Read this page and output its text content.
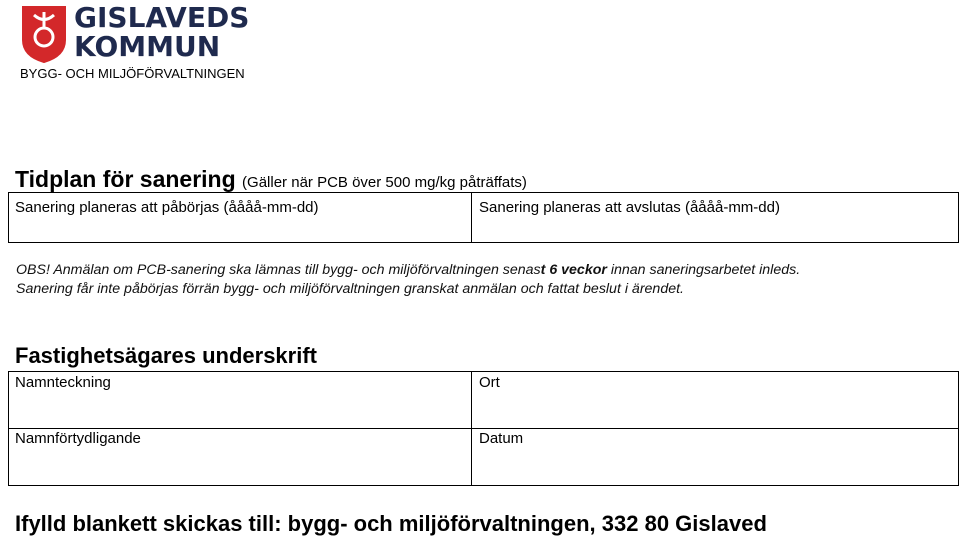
GISLAVEDS
KOMMUN
BYGG- OCH MILJÖFÖRVALTNINGEN
Tidplan för sanering (Gäller när PCB över 500 mg/kg påträffats)
Sanering planeras att påbörjas (åååå-mm-dd)	Sanering planeras att avslutas (åååå-mm-dd)
OBS! Anmälan om PCB-sanering ska lämnas till bygg- och miljöförvaltningen senast 6 veckor innan saneringsarbetet inleds.
Sanering får inte påbörjas förrän bygg- och miljöförvaltningen granskat anmälan och fattat beslut i ärendet.
Fastighetsägares underskrift
Namnteckning	Ort
Namnförtydligande	Datum
Ifylld blankett skickas till: bygg- och miljöförvaltningen, 332 80 Gislaved
